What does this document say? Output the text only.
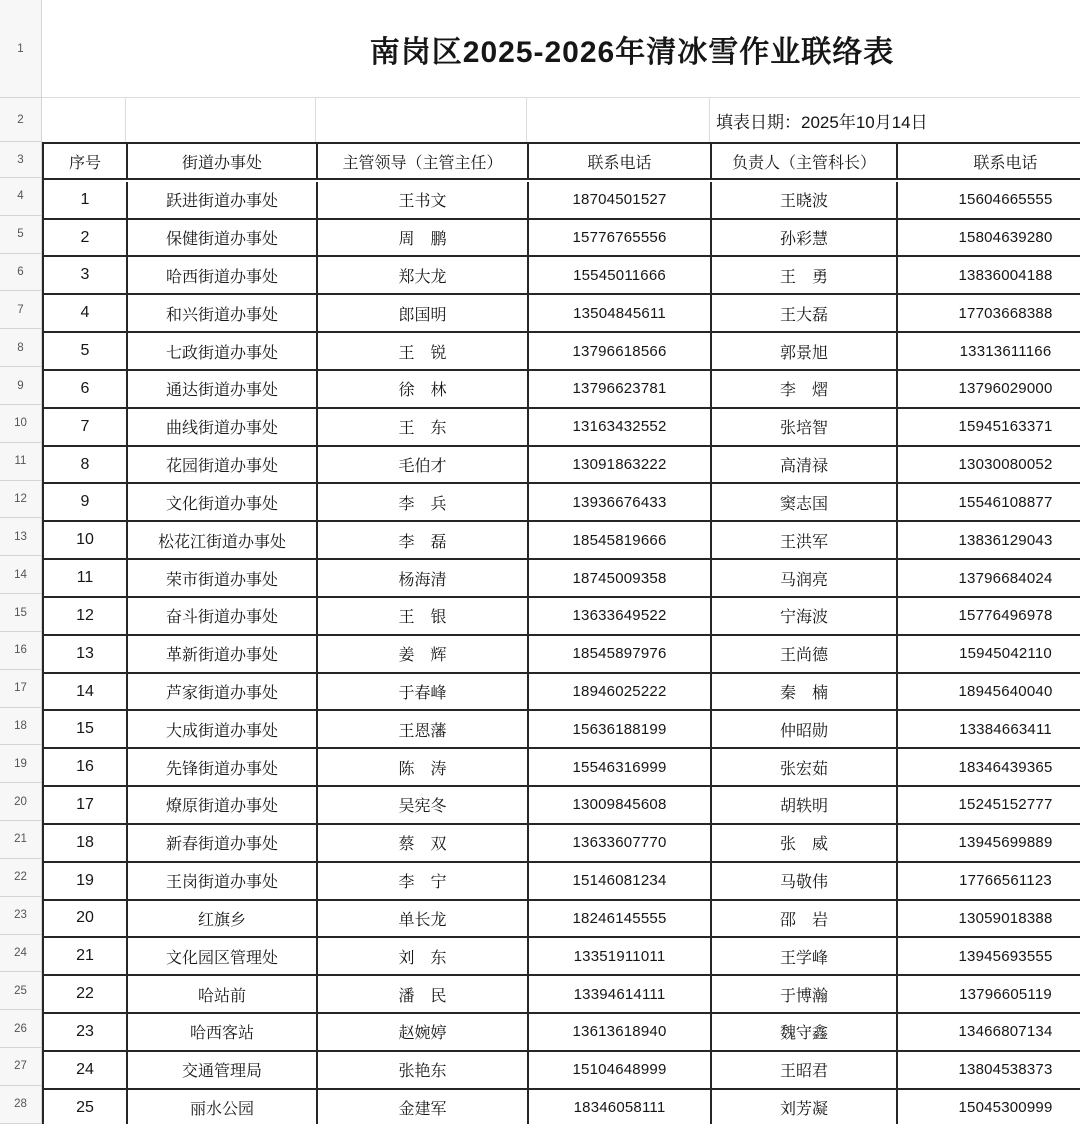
1
2
3
4
5
6
7
8
9
10
11
12
13
14
15
16
17
18
19
20
21
22
23
24
25
26
27
28
南岗区2025-2026年清冰雪作业联络表
填表日期：2025年10月14日
序号	街道办事处	主管领导（主管主任）	联系电话	负责人（主管科长）	联系电话
1	跃进街道办事处	王书文	18704501527	王晓波	15604665555
2	保健街道办事处	周　鹏	15776765556	孙彩慧	15804639280
3	哈西街道办事处	郑大龙	15545011666	王　勇	13836004188
4	和兴街道办事处	郎国明	13504845611	王大磊	17703668388
5	七政街道办事处	王　锐	13796618566	郭景旭	13313611166
6	通达街道办事处	徐　林	13796623781	李　熠	13796029000
7	曲线街道办事处	王　东	13163432552	张培智	15945163371
8	花园街道办事处	毛伯才	13091863222	高清禄	13030080052
9	文化街道办事处	李　兵	13936676433	窦志国	15546108877
10	松花江街道办事处	李　磊	18545819666	王洪军	13836129043
11	荣市街道办事处	杨海清	18745009358	马润亮	13796684024
12	奋斗街道办事处	王　银	13633649522	宁海波	15776496978
13	革新街道办事处	姜　辉	18545897976	王尚德	15945042110
14	芦家街道办事处	于春峰	18946025222	秦　楠	18945640040
15	大成街道办事处	王恩藩	15636188199	仲昭勋	13384663411
16	先锋街道办事处	陈　涛	15546316999	张宏茹	18346439365
17	燎原街道办事处	吴宪冬	13009845608	胡轶明	15245152777
18	新春街道办事处	蔡　双	13633607770	张　威	13945699889
19	王岗街道办事处	李　宁	15146081234	马敬伟	17766561123
20	红旗乡	单长龙	18246145555	邵　岩	13059018388
21	文化园区管理处	刘　东	13351911011	王学峰	13945693555
22	哈站前	潘　民	13394614111	于博瀚	13796605119
23	哈西客站	赵婉婷	13613618940	魏守鑫	13466807134
24	交通管理局	张艳东	15104648999	王昭君	13804538373
25	丽水公园	金建军	18346058111	刘芳凝	15045300999
